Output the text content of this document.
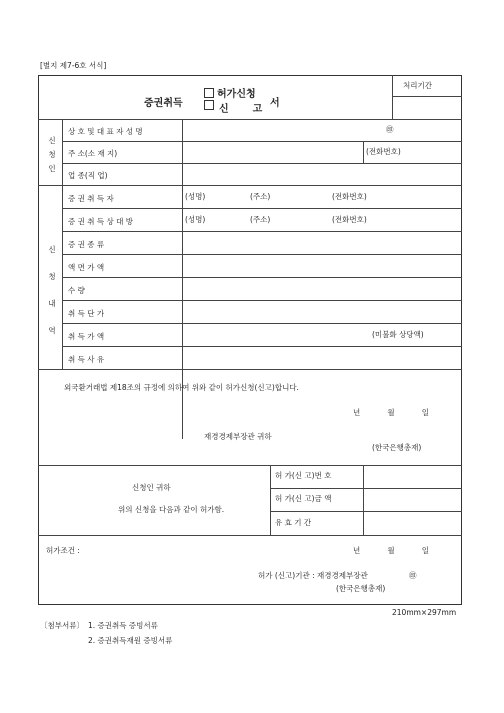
[별지 제7-6호 서식]
증권취득
허가신청
신 고
서
처리기간
신청인
상 호 및 대 표 자 성 명	㊞
주 소(소 재 지)	(전화번호)
업 종(직 업)
신청내역
증 권 취 득 자	(성명)	(주소)	(전화번호)
증 권 취 득 상 대 방	(성명)	(주소)	(전화번호)
증 권 종 류
액 면 가 액
수 량
취 득 단 가
취 득 가 액	(미불화 상당액)
취 득 사 유
외국환거래법 제18조의 규정에 의하여 위와 같이 허가신청(신고)합니다.
년	월	일
재경경제부장관 귀하
(한국은행총재)
신청인 귀하
위의 신청을 다음과 같이 허가함.
허 가(신 고)번 호
허 가(신 고)금 액
유 효 기 간
허가조건 :	년	월	일
허가 (신고)기관 : 재경경제부장관	㊞
(한국은행총재)
210mm×297mm
〔첨부서류〕 1. 증권취득 증빙서류
2. 증권취득재원 증빙서류
